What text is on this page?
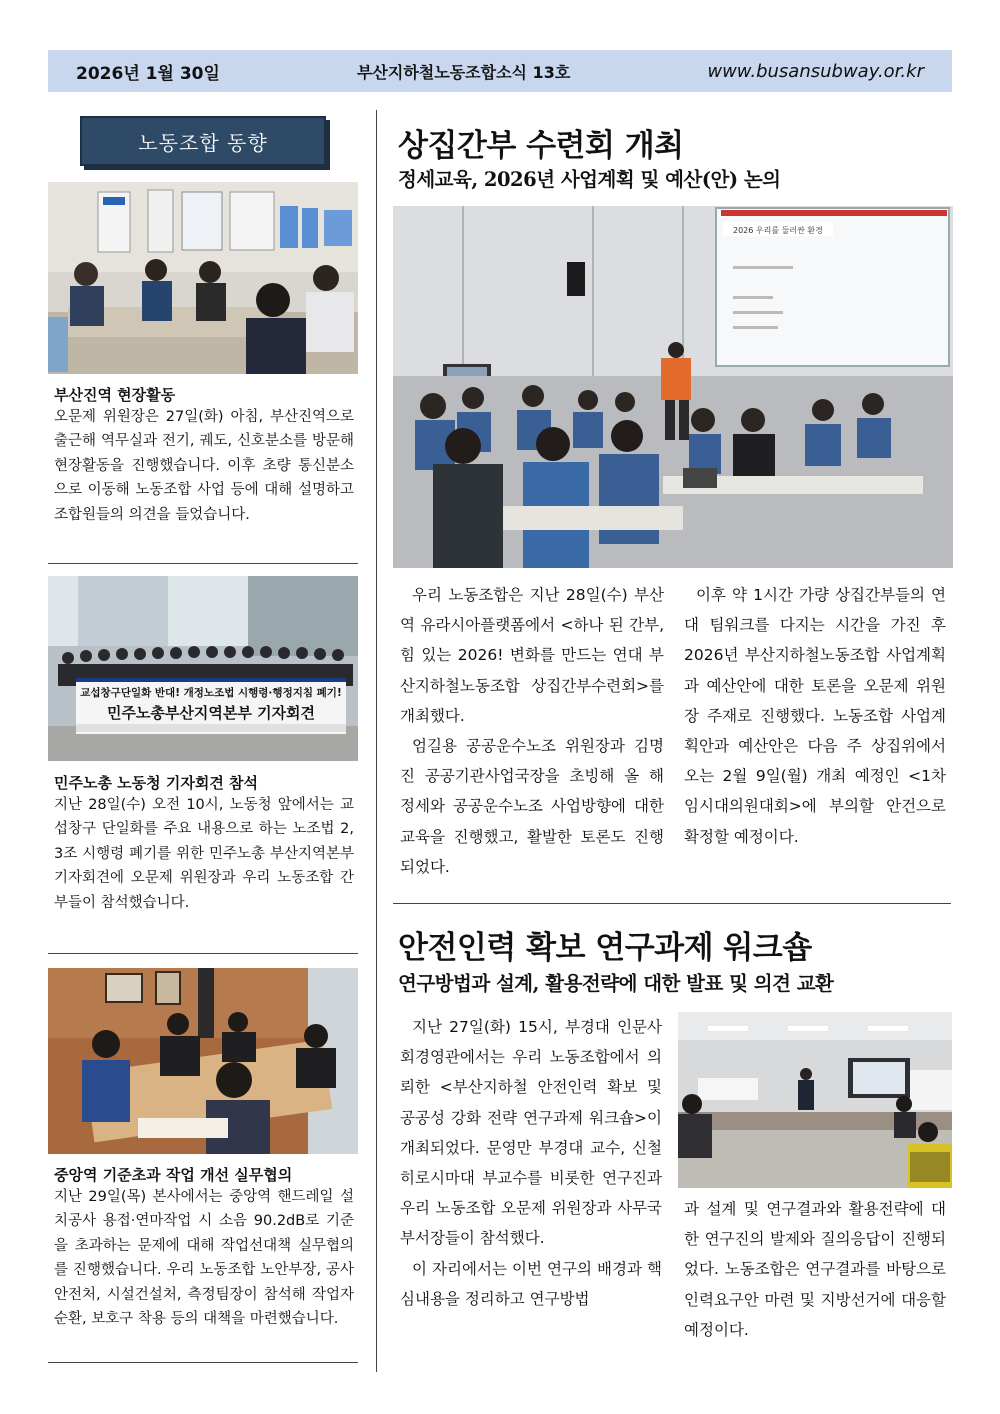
2026년 1월 30일	부산지하철노동조합소식 13호	www.busansubway.or.kr
노동조합 동향
부산진역 현장활동
오문제 위원장은 27일(화) 아침, 부산진역으로 출근해 역무실과 전기, 궤도, 신호분소를 방문해 현장활동을 진행했습니다. 이후 초량 통신분소으로 이동해 노동조합 사업 등에 대해 설명하고 조합원들의 의견을 들었습니다.
교섭창구단일화 반대! 개정노조법 시행령·행정지침 폐기!
민주노총부산지역본부 기자회견
민주노총 노동청 기자회견 참석
지난 28일(수) 오전 10시, 노동청 앞에서는 교섭창구 단일화를 주요 내용으로 하는 노조법 2, 3조 시행령 폐기를 위한 민주노총 부산지역본부 기자회견에 오문제 위원장과 우리 노동조합 간부들이 참석했습니다.
중앙역 기준초과 작업 개선 실무협의
지난 29일(목) 본사에서는 중앙역 핸드레일 설치공사 용접·연마작업 시 소음 90.2dB로 기준을 초과하는 문제에 대해 작업선대책 실무협의를 진행했습니다. 우리 노동조합 노안부장, 공사 안전처, 시설건설처, 측정팀장이 참석해 작업자 순환, 보호구 착용 등의 대책을 마련했습니다.
상집간부 수련회 개최
정세교육, 2026년 사업계획 및 예산(안) 논의
2026 우리를 둘러싼 환경

우리 노동조합은 지난 28일(수) 부산역 유라시아플랫폼에서 <하나 된 간부, 힘 있는 2026! 변화를 만드는 연대 부산지하철노동조합 상집간부수련회>를 개최했다.

엄길용 공공운수노조 위원장과 김명진 공공기관사업국장을 초빙해 올 해 정세와 공공운수노조 사업방향에 대한 교육을 진행했고, 활발한 토론도 진행되었다.

이후 약 1시간 가량 상집간부들의 연대 팀워크를 다지는 시간을 가진 후 2026년 부산지하철노동조합 사업계획과 예산안에 대한 토론을 오문제 위원장 주재로 진행했다. 노동조합 사업계획안과 예산안은 다음 주 상집위에서 오는 2월 9일(월) 개최 예정인 <1차 임시대의원대회>에 부의할 안건으로 확정할 예정이다.

안전인력 확보 연구과제 워크숍
연구방법과 설계, 활용전략에 대한 발표 및 의견 교환

지난 27일(화) 15시, 부경대 인문사회경영관에서는 우리 노동조합에서 의뢰한 <부산지하철 안전인력 확보 및 공공성 강화 전략 연구과제 워크숍>이 개최되었다. 문영만 부경대 교수, 신철 히로시마대 부교수를 비롯한 연구진과 우리 노동조합 오문제 위원장과 사무국 부서장들이 참석했다.

이 자리에서는 이번 연구의 배경과 핵심내용을 정리하고 연구방법

과 설계 및 연구결과와 활용전략에 대한 연구진의 발제와 질의응답이 진행되었다. 노동조합은 연구결과를 바탕으로 인력요구안 마련 및 지방선거에 대응할 예정이다.
